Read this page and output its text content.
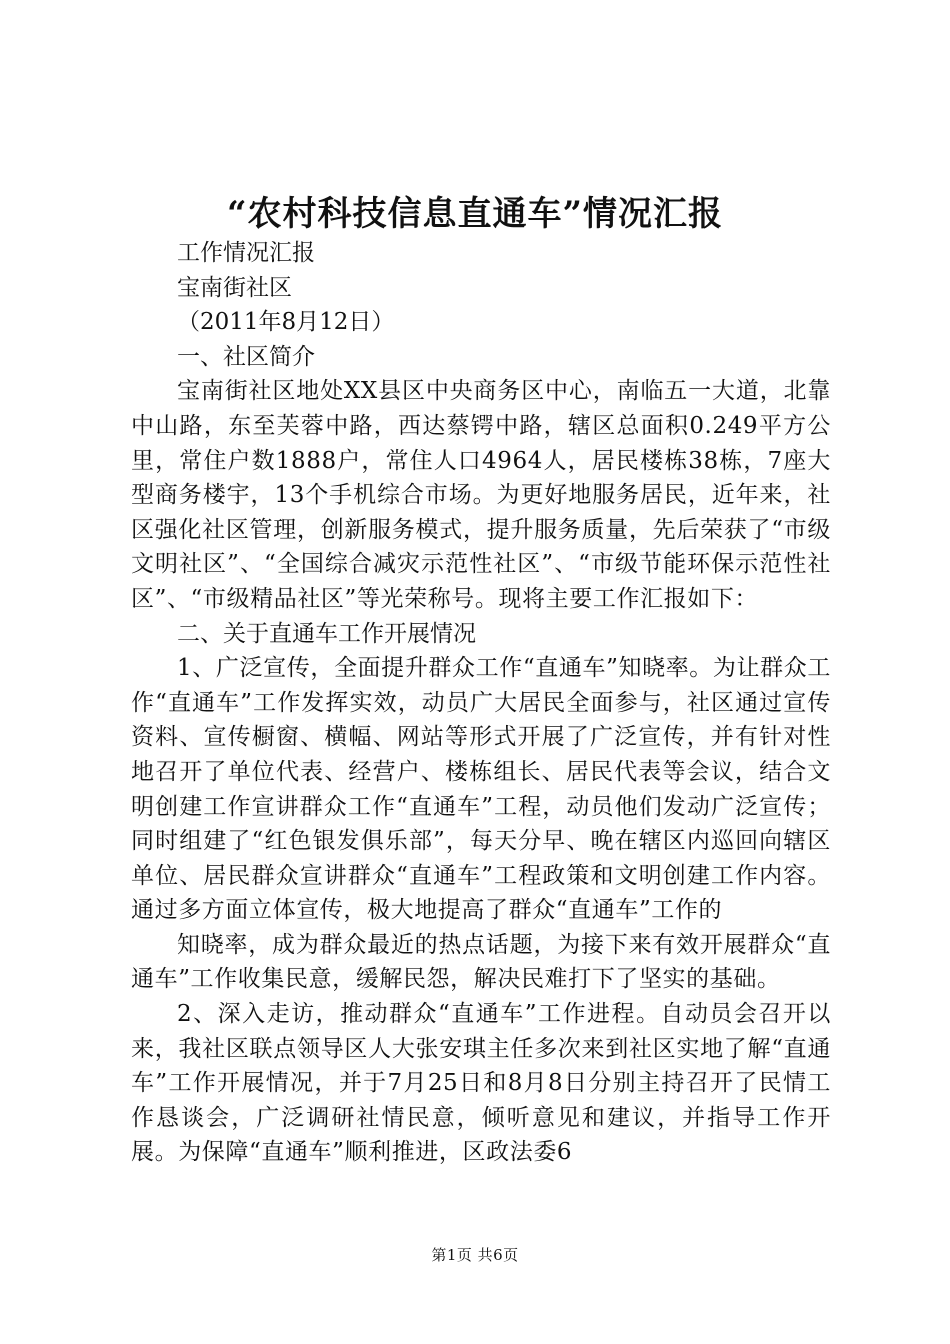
“农村科技信息直通车”情况汇报

工作情况汇报

宝南街社区

（2011年8月12日）

一、社区简介

宝南街社区地处XX县区中央商务区中心，南临五一大道，北靠中山路，东至芙蓉中路，西达蔡锷中路，辖区总面积0.249平方公里，常住户数1888户，常住人口4964人，居民楼栋38栋，7座大型商务楼宇，13个手机综合市场。为更好地服务居民，近年来，社区强化社区管理，创新服务模式，提升服务质量，先后荣获了“市级文明社区”、“全国综合减灾示范性社区”、“市级节能环保示范性社区”、“市级精品社区”等光荣称号。现将主要工作汇报如下：

二、关于直通车工作开展情况

1、广泛宣传，全面提升群众工作“直通车”知晓率。为让群众工作“直通车”工作发挥实效，动员广大居民全面参与，社区通过宣传资料、宣传橱窗、横幅、网站等形式开展了广泛宣传，并有针对性地召开了单位代表、经营户、楼栋组长、居民代表等会议，结合文明创建工作宣讲群众工作“直通车”工程，动员他们发动广泛宣传；同时组建了“红色银发俱乐部”，每天分早、晚在辖区内巡回向辖区单位、居民群众宣讲群众“直通车”工程政策和文明创建工作内容。通过多方面立体宣传，极大地提高了群众“直通车”工作的

知晓率，成为群众最近的热点话题，为接下来有效开展群众“直通车”工作收集民意，缓解民怨，解决民难打下了坚实的基础。

2、深入走访，推动群众“直通车”工作进程。自动员会召开以来，我社区联点领导区人大张安琪主任多次来到社区实地了解“直通车”工作开展情况，并于7月25日和8月8日分别主持召开了民情工作恳谈会，广泛调研社情民意，倾听意见和建议，并指导工作开展。为保障“直通车”顺利推进，区政法委6

第1页 共6页
